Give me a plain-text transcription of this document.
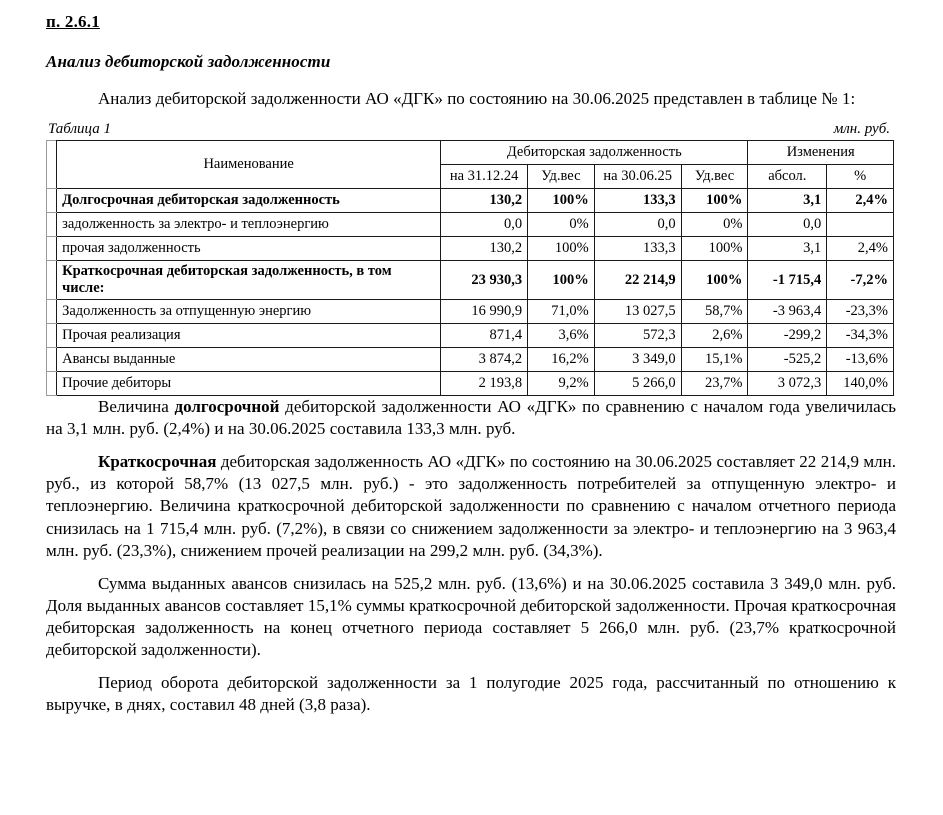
п. 2.6.1
Анализ дебиторской задолженности

Анализ дебиторской задолженности АО «ДГК» по состоянию на 30.06.2025 представлен в таблице № 1:

Таблица 1	млн. руб.
	Наименование	Дебиторская задолженность				Изменения	
		на 31.12.24	Уд.вес	на 30.06.25	Уд.вес	абсол.	%
	Долгосрочная дебиторская задолженность	130,2	100%	133,3	100%	3,1	2,4%
	задолженность за электро- и теплоэнергию	0,0	0%	0,0	0%	0,0	
	прочая задолженность	130,2	100%	133,3	100%	3,1	2,4%
	Краткосрочная дебиторская задолженность, в том числе:	23 930,3	100%	22 214,9	100%	-1 715,4	-7,2%
	Задолженность за отпущенную энергию	16 990,9	71,0%	13 027,5	58,7%	-3 963,4	-23,3%
	Прочая реализация	871,4	3,6%	572,3	2,6%	-299,2	-34,3%
	Авансы выданные	3 874,2	16,2%	3 349,0	15,1%	-525,2	-13,6%
	Прочие дебиторы	2 193,8	9,2%	5 266,0	23,7%	3 072,3	140,0%

Величина долгосрочной дебиторской задолженности АО «ДГК» по сравнению с началом года увеличилась на 3,1 млн. руб. (2,4%) и на 30.06.2025 составила 133,3 млн. руб.

Краткосрочная дебиторская задолженность АО «ДГК» по состоянию на 30.06.2025 составляет 22 214,9 млн. руб., из которой 58,7% (13 027,5 млн. руб.) - это задолженность потребителей за отпущенную электро- и теплоэнергию. Величина краткосрочной дебиторской задолженности по сравнению с началом отчетного периода снизилась на 1 715,4 млн. руб. (7,2%), в связи со снижением задолженности за электро- и теплоэнергию на 3 963,4 млн. руб. (23,3%), снижением прочей реализации на 299,2 млн. руб. (34,3%).

Сумма выданных авансов снизилась на 525,2 млн. руб. (13,6%) и на 30.06.2025 составила 3 349,0 млн. руб. Доля выданных авансов составляет 15,1% суммы краткосрочной дебиторской задолженности. Прочая краткосрочная дебиторская задолженность на конец отчетного периода составляет 5 266,0 млн. руб. (23,7% краткосрочной дебиторской задолженности).

Период оборота дебиторской задолженности за 1 полугодие 2025 года, рассчитанный по отношению к выручке, в днях, составил 48 дней (3,8 раза).
